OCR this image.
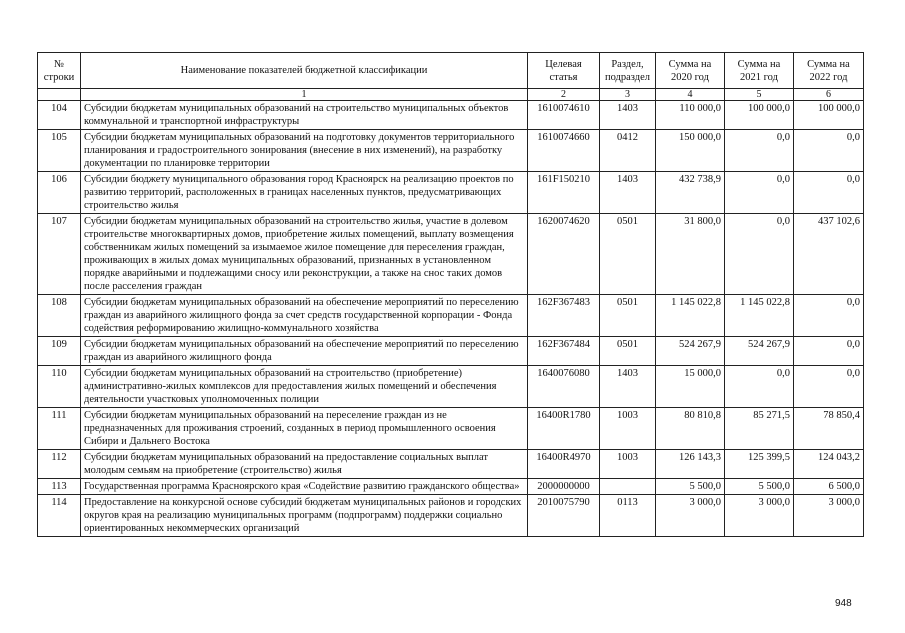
№ строки	Наименование показателей бюджетной классификации	Целевая статья	Раздел, подраздел	Сумма на 2020 год	Сумма на 2021 год	Сумма на 2022 год
	1	2	3	4	5	6
104	Субсидии бюджетам муниципальных образований на строительство муниципальных объектов коммунальной и транспортной инфраструктуры	1610074610	1403	110 000,0	100 000,0	100 000,0
105	Субсидии бюджетам муниципальных образований на подготовку документов территориального планирования и градостроительного зонирования (внесение в них изменений), на разработку документации по планировке территории	1610074660	0412	150 000,0	0,0	0,0
106	Субсидии бюджету муниципального образования город Красноярск на реализацию проектов по развитию территорий, расположенных в границах населенных пунктов, предусматривающих строительство жилья	161F150210	1403	432 738,9	0,0	0,0
107	Субсидии бюджетам муниципальных образований на строительство жилья, участие в долевом строительстве многоквартирных домов, приобретение жилых помещений, выплату возмещения собственникам жилых помещений за изымаемое жилое помещение для переселения граждан, проживающих в жилых домах муниципальных образований, признанных в установленном порядке аварийными и подлежащими сносу или реконструкции, а также на снос таких домов после расселения граждан	1620074620	0501	31 800,0	0,0	437 102,6
108	Субсидии бюджетам муниципальных образований на обеспечение мероприятий по переселению граждан из аварийного жилищного фонда за счет средств государственной корпорации - Фонда содействия реформированию жилищно-коммунального хозяйства	162F367483	0501	1 145 022,8	1 145 022,8	0,0
109	Субсидии бюджетам муниципальных образований на обеспечение мероприятий по переселению граждан из аварийного жилищного фонда	162F367484	0501	524 267,9	524 267,9	0,0
110	Субсидии бюджетам муниципальных образований на строительство (приобретение) административно-жилых комплексов для предоставления жилых помещений и обеспечения деятельности участковых уполномоченных полиции	1640076080	1403	15 000,0	0,0	0,0
111	Субсидии бюджетам муниципальных образований на переселение граждан из не предназначенных для проживания строений, созданных в период промышленного освоения Сибири и Дальнего Востока	16400R1780	1003	80 810,8	85 271,5	78 850,4
112	Субсидии бюджетам муниципальных образований на предоставление социальных выплат молодым семьям на приобретение (строительство) жилья	16400R4970	1003	126 143,3	125 399,5	124 043,2
113	Государственная программа Красноярского края «Содействие развитию гражданского общества»	2000000000		5 500,0	5 500,0	6 500,0
114	Предоставление на конкурсной основе субсидий бюджетам муниципальных районов и городских округов края на реализацию муниципальных программ (подпрограмм) поддержки социально ориентированных некоммерческих организаций	2010075790	0113	3 000,0	3 000,0	3 000,0
948
